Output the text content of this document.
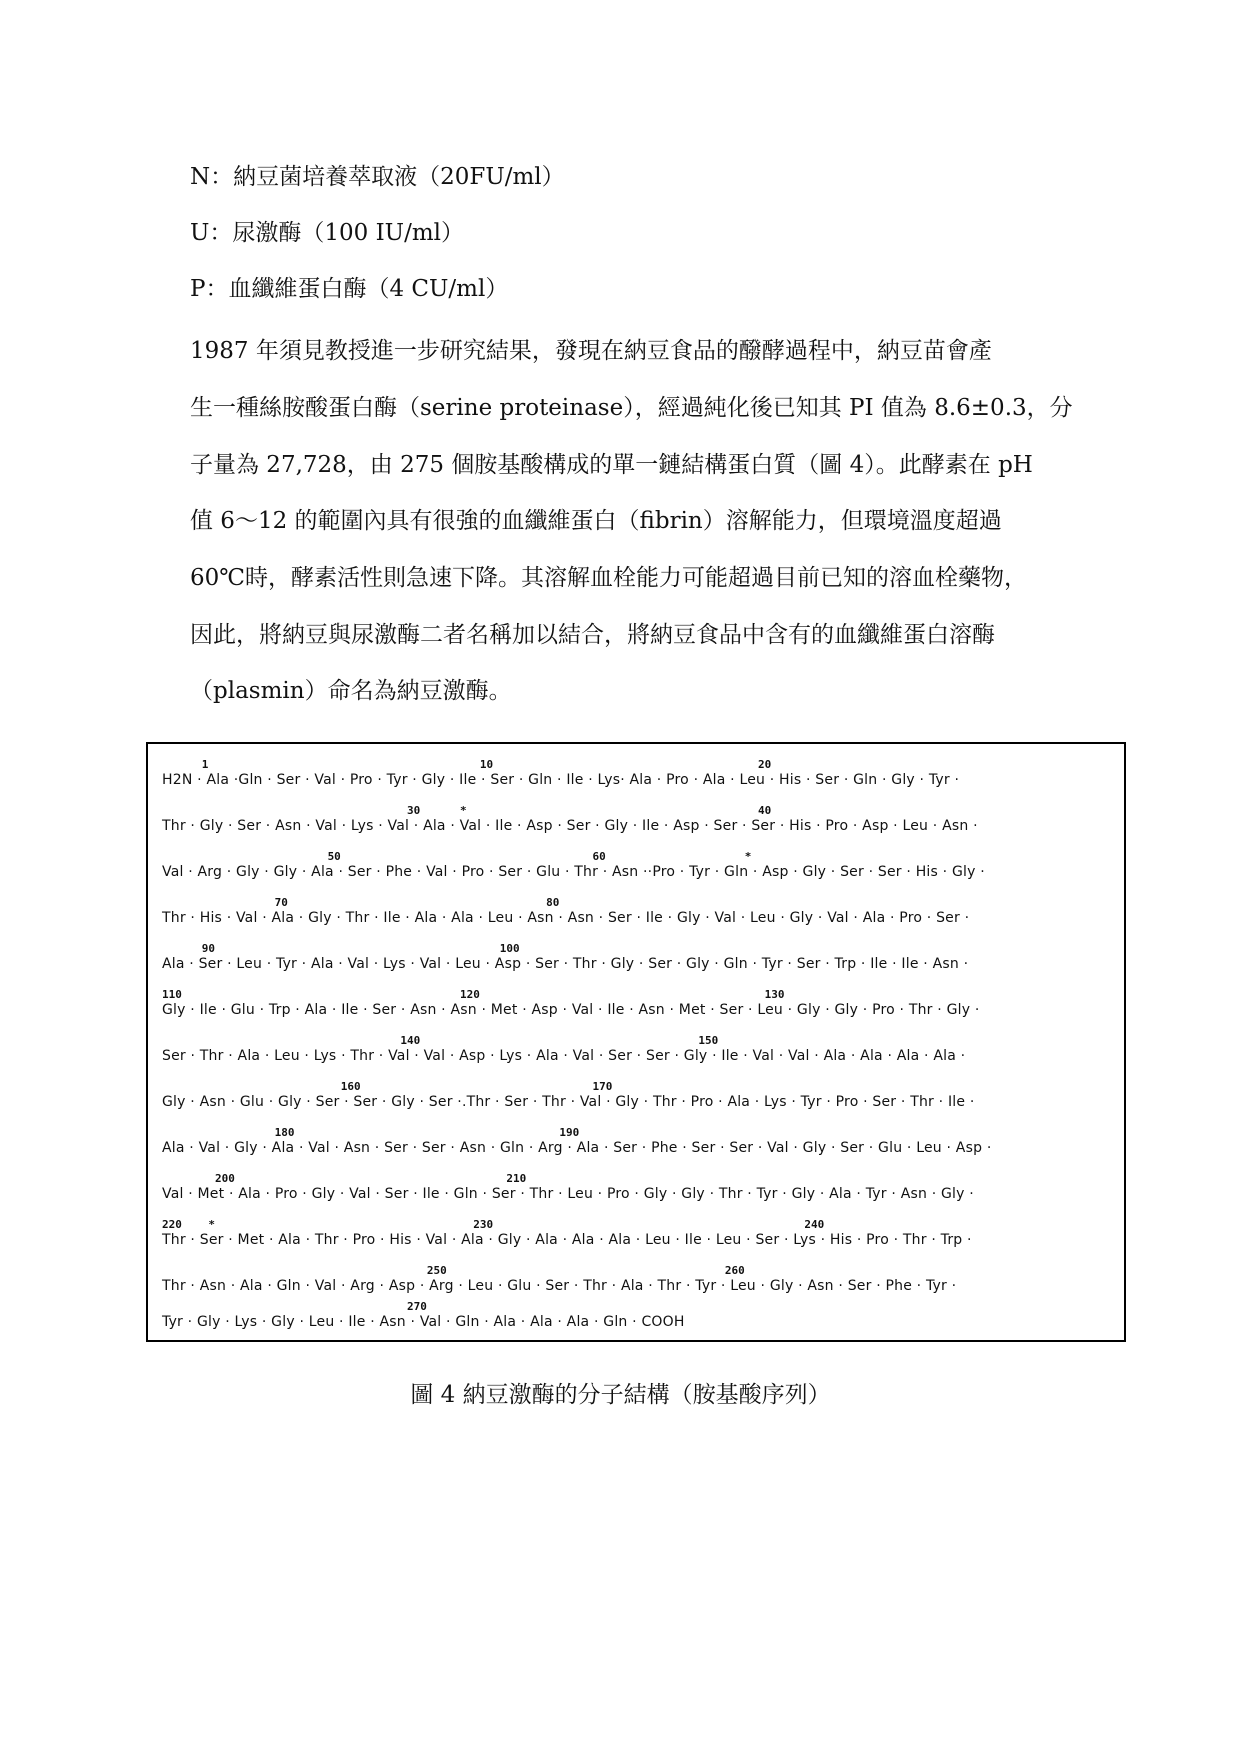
N：納豆菌培養萃取液（20FU/ml）
U：尿激酶（100 IU/ml）
P：血纖維蛋白酶（4 CU/ml）
1987 年須見教授進一步研究結果，發現在納豆食品的醱酵過程中，納豆苗會產
生一種絲胺酸蛋白酶（serine proteinase），經過純化後已知其 PI 值為 8.6±0.3，分
子量為 27,728，由 275 個胺基酸構成的單一鏈結構蛋白質（圖 4）。此酵素在 pH
值 6～12 的範圍內具有很強的血纖維蛋白（fibrin）溶解能力，但環境溫度超過
60℃時，酵素活性則急速下降。其溶解血栓能力可能超過目前已知的溶血栓藥物，
因此，將納豆與尿激酶二者名稱加以結合，將納豆食品中含有的血纖維蛋白溶酶
（plasmin）命名為納豆激酶。
1                                         10                                        20
H2N · Ala ·Gln · Ser · Val · Pro · Tyr · Gly · Ile · Ser · Gln · Ile · Lys· Ala · Pro · Ala · Leu · His · Ser · Gln · Gly · Tyr ·
30      *                                            40
Thr · Gly · Ser · Asn · Val · Lys · Val · Ala · Val · Ile · Asp · Ser · Gly · Ile · Asp · Ser · Ser · His · Pro · Asp · Leu · Asn ·
50                                      60                     *
Val · Arg · Gly · Gly · Ala · Ser · Phe · Val · Pro · Ser · Glu · Thr · Asn ··Pro · Tyr · Gln · Asp · Gly · Ser · Ser · His · Gly ·
70                                       80
Thr · His · Val · Ala · Gly · Thr · Ile · Ala · Ala · Leu · Asn · Asn · Ser · Ile · Gly · Val · Leu · Gly · Val · Ala · Pro · Ser ·
90                                           100
Ala · Ser · Leu · Tyr · Ala · Val · Lys · Val · Leu · Asp · Ser · Thr · Gly · Ser · Gly · Gln · Tyr · Ser · Trp · Ile · Ile · Asn ·
110                                          120                                           130
Gly · Ile · Glu · Trp · Ala · Ile · Ser · Asn · Asn · Met · Asp · Val · Ile · Asn · Met · Ser · Leu · Gly · Gly · Pro · Thr · Gly ·
140                                          150
Ser · Thr · Ala · Leu · Lys · Thr · Val · Val · Asp · Lys · Ala · Val · Ser · Ser · Gly · Ile · Val · Val · Ala · Ala · Ala · Ala ·
160                                   170
Gly · Asn · Glu · Gly · Ser · Ser · Gly · Ser ·.Thr · Ser · Thr · Val · Gly · Thr · Pro · Ala · Lys · Tyr · Pro · Ser · Thr · Ile ·
180                                        190
Ala · Val · Gly · Ala · Val · Asn · Ser · Ser · Asn · Gln · Arg · Ala · Ser · Phe · Ser · Ser · Val · Gly · Ser · Glu · Leu · Asp ·
200                                         210
Val · Met · Ala · Pro · Gly · Val · Ser · Ile · Gln · Ser · Thr · Leu · Pro · Gly · Gly · Thr · Tyr · Gly · Ala · Tyr · Asn · Gly ·
220    *                                       230                                               240
Thr · Ser · Met · Ala · Thr · Pro · His · Val · Ala · Gly · Ala · Ala · Ala · Leu · Ile · Leu · Ser · Lys · His · Pro · Thr · Trp ·
250                                          260
Thr · Asn · Ala · Gln · Val · Arg · Asp · Arg · Leu · Glu · Ser · Thr · Ala · Thr · Tyr · Leu · Gly · Asn · Ser · Phe · Tyr ·
270
Tyr · Gly · Lys · Gly · Leu · Ile · Asn · Val · Gln · Ala · Ala · Ala · Gln · COOH
圖 4 納豆激酶的分子結構（胺基酸序列）
